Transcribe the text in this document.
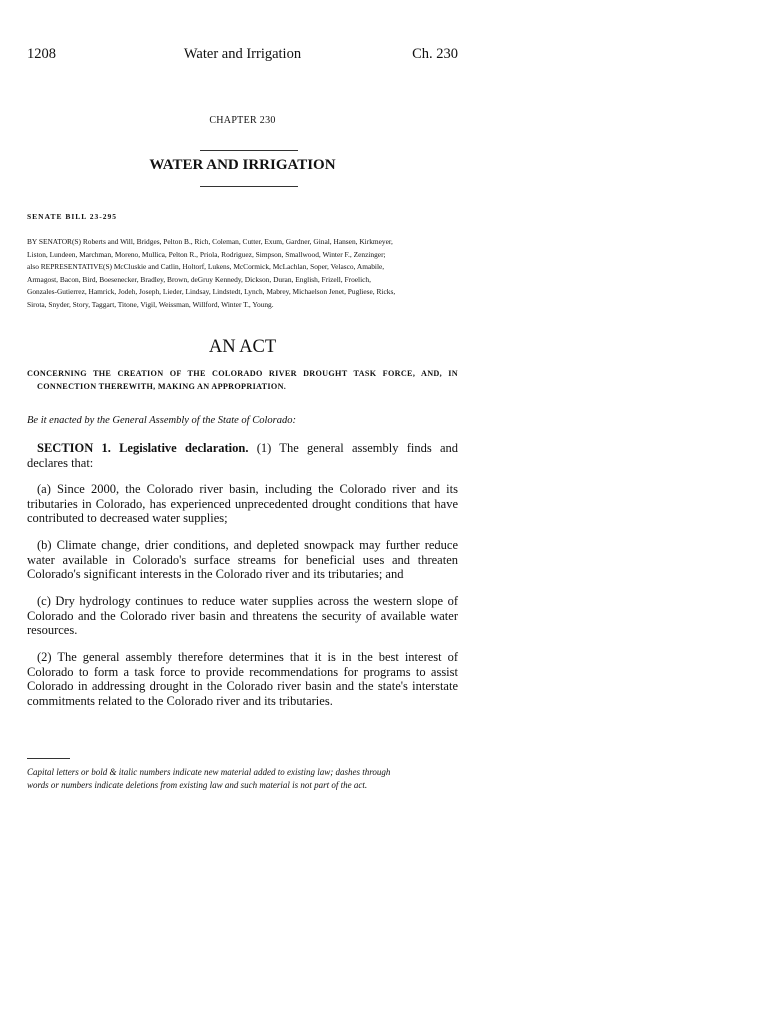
1208	Water and Irrigation	Ch. 230
CHAPTER 230
WATER AND IRRIGATION
SENATE BILL 23-295
BY SENATOR(S) Roberts and Will, Bridges, Pelton B., Rich, Coleman, Cutter, Exum, Gardner, Ginal, Hansen, Kirkmeyer,
Liston, Lundeen, Marchman, Moreno, Mullica, Pelton R., Priola, Rodriguez, Simpson, Smallwood, Winter F., Zenzinger;
also REPRESENTATIVE(S) McCluskie and Catlin, Holtorf, Lukens, McCormick, McLachlan, Soper, Velasco, Amabile,
Armagost, Bacon, Bird, Boesenecker, Bradley, Brown, deGruy Kennedy, Dickson, Duran, English, Frizell, Froelich,
Gonzales-Gutierrez, Hamrick, Jodeh, Joseph, Lieder, Lindsay, Lindstedt, Lynch, Mabrey, Michaelson Jenet, Pugliese, Ricks,
Sirota, Snyder, Story, Taggart, Titone, Vigil, Weissman, Willford, Winter T., Young.
AN ACT
CONCERNING THE CREATION OF THE COLORADO RIVER DROUGHT TASK FORCE, AND, IN
CONNECTION THEREWITH, MAKING AN APPROPRIATION.
Be it enacted by the General Assembly of the State of Colorado:
SECTION 1. Legislative declaration. (1) The general assembly finds and
declares that:
(a) Since 2000, the Colorado river basin, including the Colorado river and its
tributaries in Colorado, has experienced unprecedented drought conditions that have
contributed to decreased water supplies;
(b) Climate change, drier conditions, and depleted snowpack may further reduce
water available in Colorado's surface streams for beneficial uses and threaten
Colorado's significant interests in the Colorado river and its tributaries; and
(c) Dry hydrology continues to reduce water supplies across the western slope of
Colorado and the Colorado river basin and threatens the security of available water
resources.
(2) The general assembly therefore determines that it is in the best interest of
Colorado to form a task force to provide recommendations for programs to assist
Colorado in addressing drought in the Colorado river basin and the state's interstate
commitments related to the Colorado river and its tributaries.
Capital letters or bold & italic numbers indicate new material added to existing law; dashes through
words or numbers indicate deletions from existing law and such material is not part of the act.
